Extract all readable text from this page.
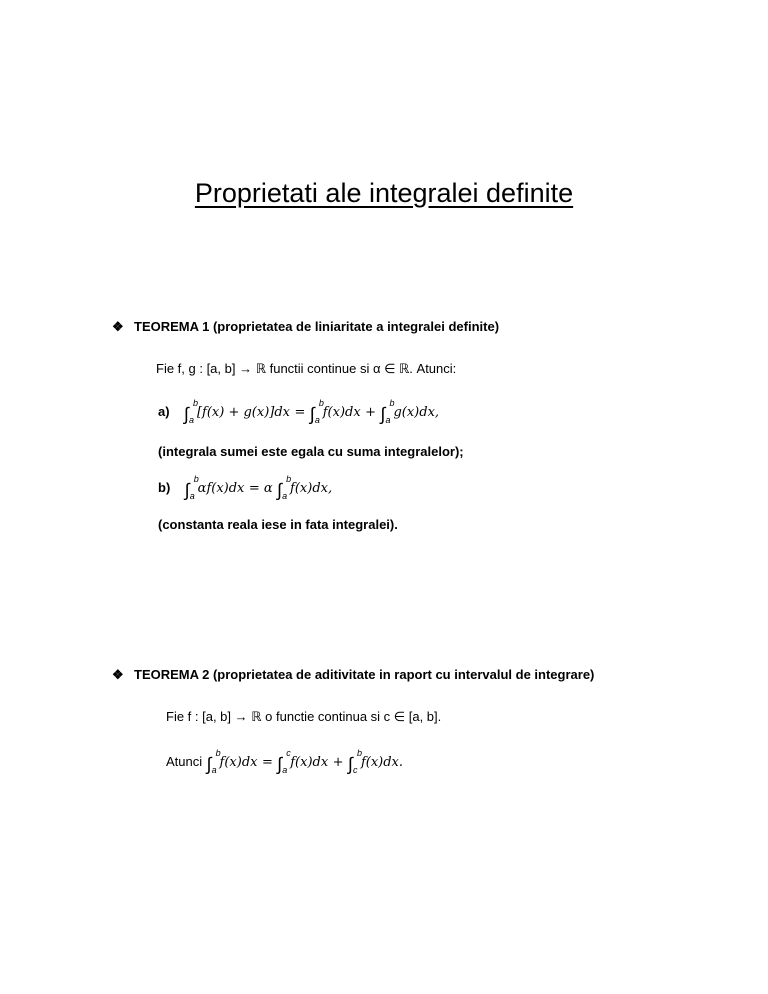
Proprietati ale integralei definite
❖ TEOREMA 1 (proprietatea de liniaritate a integralei definite)
Fie f, g : [a, b] → ℝ functii continue si α ∈ ℝ. Atunci:
a) ∫
b
a [f(x) + g(x)]dx = ∫
b
a f(x)dx + ∫
b
a g(x)dx,
(integrala sumei este egala cu suma integralelor);
b) ∫
b
a αf(x)dx = α ∫
b
a f(x)dx,
(constanta reala iese in fata integralei).
❖ TEOREMA 2 (proprietatea de aditivitate in raport cu intervalul de integrare)
Fie f : [a, b] → ℝ o functie continua si c ∈ [a, b].
Atunci ∫
b
a f(x)dx = ∫
c
a f(x)dx + ∫
b
c f(x)dx.
